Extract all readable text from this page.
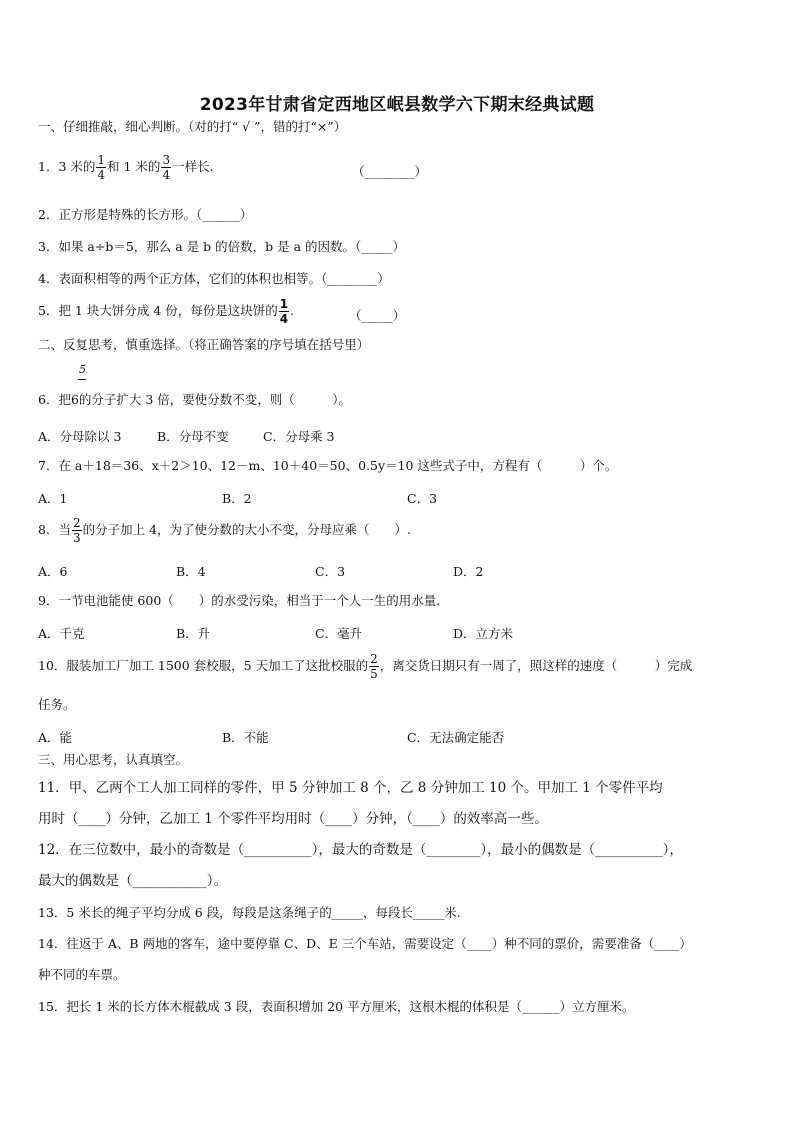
2023年甘肃省定西地区岷县数学六下期末经典试题
一、仔细推敲，细心判断。（对的打“ √ ”，错的打“×”）
1．3 米的 $\frac{1}{4}$ 和 1 米的 $\frac{3}{4}$ 一样长.	（________）
2．正方形是特殊的长方形。（______）
3．如果 a÷b＝5，那么 a 是 b 的倍数，b 是 a 的因数。（_____）
4．表面积相等的两个正方体，它们的体积也相等。（________）
5．把 1 块大饼分成 4 份，每份是这块饼的 $\frac{1}{4}$ .	（_____）
二、反复思考，慎重选择。（将正确答案的序号填在括号里）
6．把
5
6的分子扩大 3 倍，要使分数不变，则（　　　）。
A．分母除以 3	B．分母不变	C．分母乘 3
7．在 a＋18＝36、x＋2＞10、12－m、10＋40＝50、0.5y＝10 这些式子中，方程有（　　　）个。
A．1	B．2	C．3
8．当 $\frac{2}{3}$ 的分子加上 4，为了使分数的大小不变，分母应乘（　　）.
A．6	B．4	C．3	D．2
9．一节电池能使 600（　　）的水受污染，相当于一个人一生的用水量.
A．千克	B．升	C．毫升	D．立方米
10．服装加工厂加工 1500 套校服，5 天加工了这批校服的 $\frac{2}{5}$ ，离交货日期只有一周了，照这样的速度（　　　）完成
任务。
A．能	B．不能	C．无法确定能否
三、用心思考，认真填空。
11．甲、乙两个工人加工同样的零件，甲 5 分钟加工 8 个，乙 8 分钟加工 10 个。甲加工 1 个零件平均
用时（____）分钟，乙加工 1 个零件平均用时（____）分钟，（____）的效率高一些。
12．在三位数中，最小的奇数是（__________），最大的奇数是（________），最小的偶数是（__________），
最大的偶数是（___________）。
13．5 米长的绳子平均分成 6 段，每段是这条绳子的_____，每段长_____米.
14．往返于 A、B 两地的客车，途中要停靠 C、D、E 三个车站，需要设定（____）种不同的票价，需要准备（____）
种不同的车票。
15．把长 1 米的长方体木棍截成 3 段，表面积增加 20 平方厘米，这根木棍的体积是（______）立方厘米。
